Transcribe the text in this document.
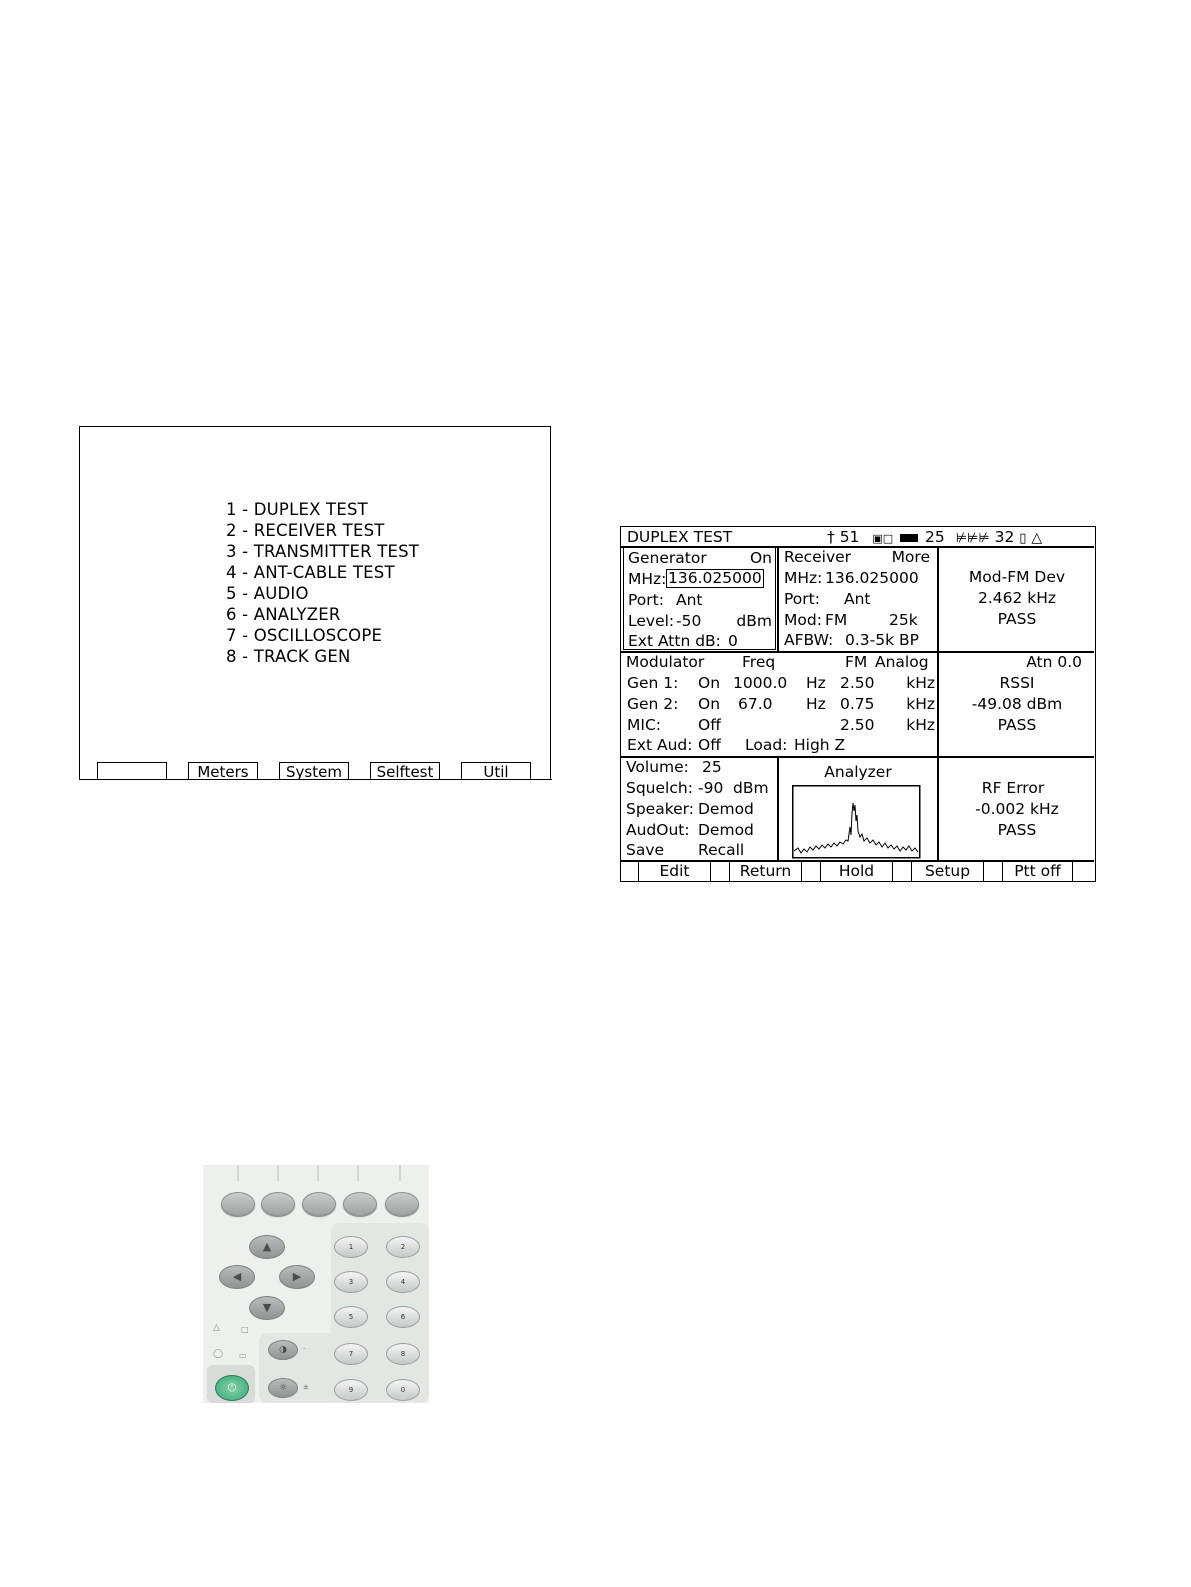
1 - DUPLEX TEST
2 - RECEIVER TEST
3 - TRANSMITTER TEST
4 - ANT-CABLE TEST
5 - AUDIO
6 - ANALYZER
7 - OSCILLOSCOPE
8 - TRACK GEN
Meters	System	Selftest	Util
DUPLEX TEST	† 51 ▣□ 25 ⊭⊭⊭ 32 ▯ △
Generator	On
MHz: 136.025000
Port: Ant
Level: -50 dBm
Ext Attn dB: 0
Receiver	More
MHz: 136.025000
Port: Ant
Mod: FM	25k
AFBW: 0.3-5k BP
Mod-FM Dev
2.462 kHz
PASS
Modulator Freq	FM Analog
Gen 1: On 1000.0 Hz 2.50 kHz
Gen 2: On 67.0 Hz 0.75 kHz
MIC: Off	2.50 kHz
Ext Aud: Off Load: High Z
Atn 0.0
RSSI
-49.08 dBm
PASS
Volume: 25
Squelch: -90 dBm
Speaker: Demod
AudOut: Demod
Save Recall
Analyzer
RF Error
-0.002 kHz
PASS
Edit	Return	Hold	Setup	Ptt off
▲
◀	▶
▼
△	□
◯ ▭
◑
☼
·
±
⏻
1	2
3	4
5	6
7	8
9	0
